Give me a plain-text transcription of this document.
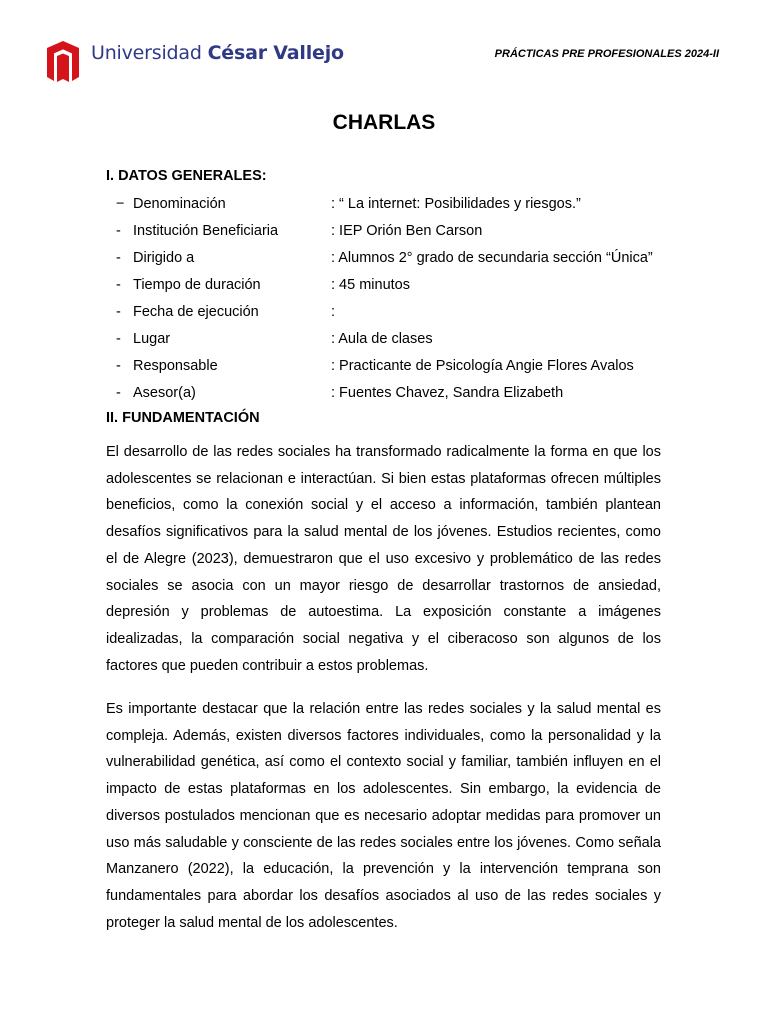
Universidad César Vallejo	PRÁCTICAS PRE PROFESIONALES 2024-II
CHARLAS
I. DATOS GENERALES:
− Denominación	: “ La internet: Posibilidades y riesgos.”
- Institución Beneficiaria	: IEP Orión Ben Carson
- Dirigido a	: Alumnos 2° grado de secundaria sección “Única”
- Tiempo de duración	: 45 minutos
- Fecha de ejecución	:
- Lugar	: Aula de clases
- Responsable	: Practicante de Psicología Angie Flores Avalos
- Asesor(a)	: Fuentes Chavez, Sandra Elizabeth
II. FUNDAMENTACIÓN

El desarrollo de las redes sociales ha transformado radicalmente la forma en que los adolescentes se relacionan e interactúan. Si bien estas plataformas ofrecen múltiples beneficios, como la conexión social y el acceso a información, también plantean desafíos significativos para la salud mental de los jóvenes. Estudios recientes, como el de Alegre (2023), demuestraron que el uso excesivo y problemático de las redes sociales se asocia con un mayor riesgo de desarrollar trastornos de ansiedad, depresión y problemas de autoestima. La exposición constante a imágenes idealizadas, la comparación social negativa y el ciberacoso son algunos de los factores que pueden contribuir a estos problemas.

Es importante destacar que la relación entre las redes sociales y la salud mental es compleja. Además, existen diversos factores individuales, como la personalidad y la vulnerabilidad genética, así como el contexto social y familiar, también influyen en el impacto de estas plataformas en los adolescentes. Sin embargo, la evidencia de diversos postulados mencionan que es necesario adoptar medidas para promover un uso más saludable y consciente de las redes sociales entre los jóvenes. Como señala Manzanero (2022), la educación, la prevención y la intervención temprana son fundamentales para abordar los desafíos asociados al uso de las redes sociales y proteger la salud mental de los adolescentes.
